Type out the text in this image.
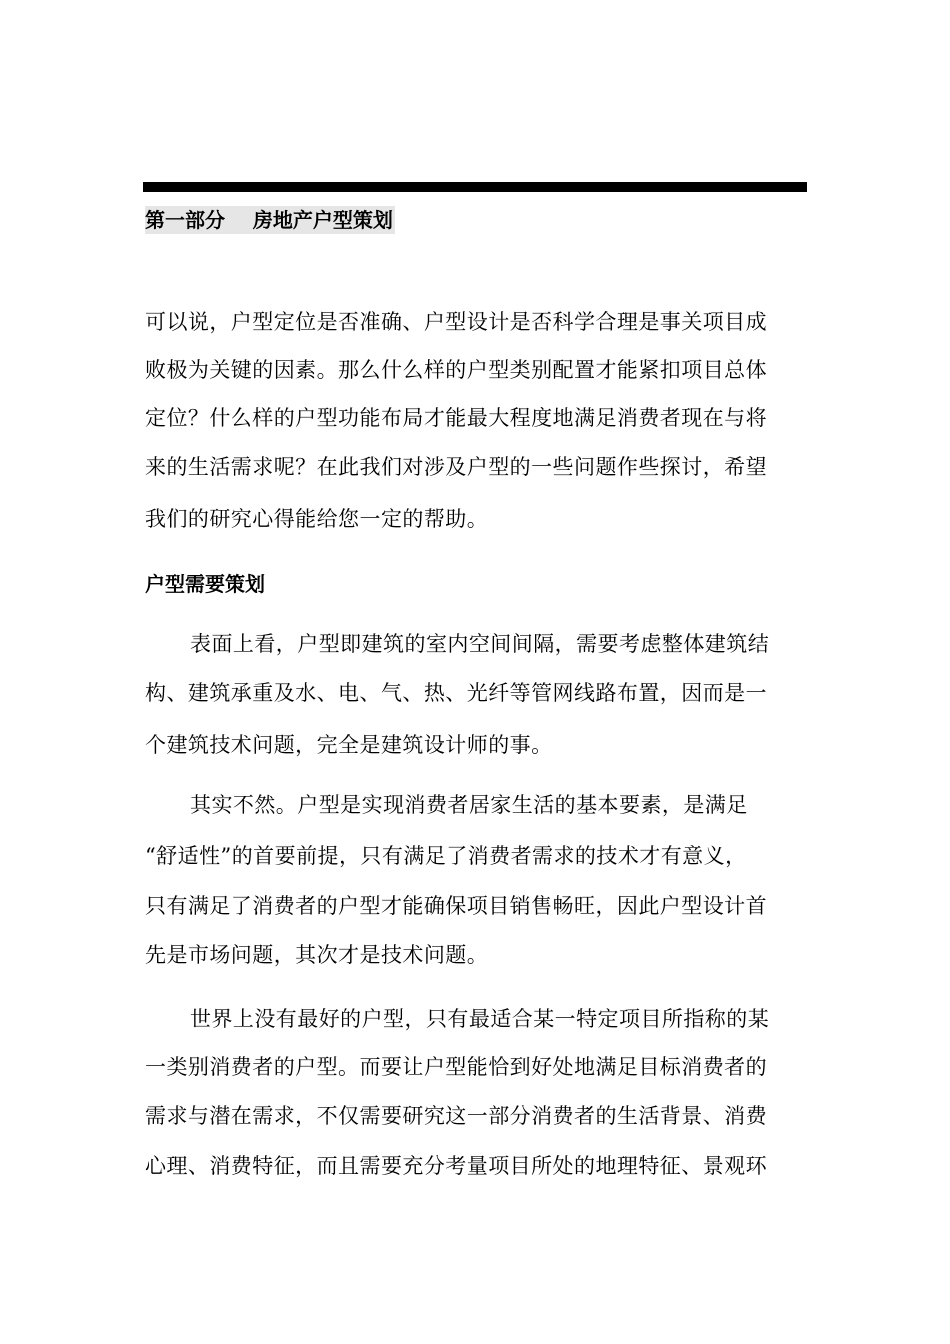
第一部分    房地产户型策划
可以说，户型定位是否准确、户型设计是否科学合理是事关项目成
败极为关键的因素。那么什么样的户型类别配置才能紧扣项目总体
定位？什么样的户型功能布局才能最大程度地满足消费者现在与将
来的生活需求呢？在此我们对涉及户型的一些问题作些探讨，希望
我们的研究心得能给您一定的帮助。
户型需要策划
表面上看，户型即建筑的室内空间间隔，需要考虑整体建筑结
构、建筑承重及水、电、气、热、光纤等管网线路布置，因而是一
个建筑技术问题，完全是建筑设计师的事。
其实不然。户型是实现消费者居家生活的基本要素，是满足
“舒适性”的首要前提，只有满足了消费者需求的技术才有意义，
只有满足了消费者的户型才能确保项目销售畅旺，因此户型设计首
先是市场问题，其次才是技术问题。
世界上没有最好的户型，只有最适合某一特定项目所指称的某
一类别消费者的户型。而要让户型能恰到好处地满足目标消费者的
需求与潜在需求，不仅需要研究这一部分消费者的生活背景、消费
心理、消费特征，而且需要充分考量项目所处的地理特征、景观环
